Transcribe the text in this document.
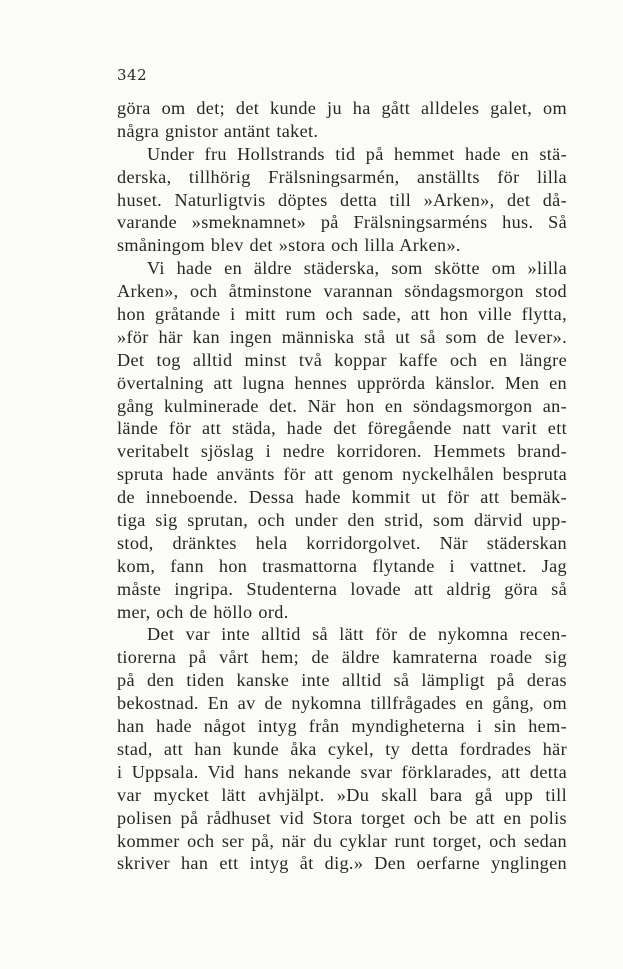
342
göra om det; det kunde ju ha gått alldeles galet, om
några gnistor antänt taket.
Under fru Hollstrands tid på hemmet hade en stä-
derska, tillhörig Frälsningsarmén, anställts för lilla
huset. Naturligtvis döptes detta till »Arken», det då-
varande »smeknamnet» på Frälsningsarméns hus. Så
småningom blev det »stora och lilla Arken».
Vi hade en äldre städerska, som skötte om »lilla
Arken», och åtminstone varannan söndagsmorgon stod
hon gråtande i mitt rum och sade, att hon ville flytta,
»för här kan ingen människa stå ut så som de lever».
Det tog alltid minst två koppar kaffe och en längre
övertalning att lugna hennes upprörda känslor. Men en
gång kulminerade det. När hon en söndagsmorgon an-
lände för att städa, hade det föregående natt varit ett
veritabelt sjöslag i nedre korridoren. Hemmets brand-
spruta hade använts för att genom nyckelhålen bespruta
de inneboende. Dessa hade kommit ut för att bemäk-
tiga sig sprutan, och under den strid, som därvid upp-
stod, dränktes hela korridorgolvet. När städerskan
kom, fann hon trasmattorna flytande i vattnet. Jag
måste ingripa. Studenterna lovade att aldrig göra så
mer, och de höllo ord.
Det var inte alltid så lätt för de nykomna recen-
tiorerna på vårt hem; de äldre kamraterna roade sig
på den tiden kanske inte alltid så lämpligt på deras
bekostnad. En av de nykomna tillfrågades en gång, om
han hade något intyg från myndigheterna i sin hem-
stad, att han kunde åka cykel, ty detta fordrades här
i Uppsala. Vid hans nekande svar förklarades, att detta
var mycket lätt avhjälpt. »Du skall bara gå upp till
polisen på rådhuset vid Stora torget och be att en polis
kommer och ser på, när du cyklar runt torget, och sedan
skriver han ett intyg åt dig.» Den oerfarne ynglingen
